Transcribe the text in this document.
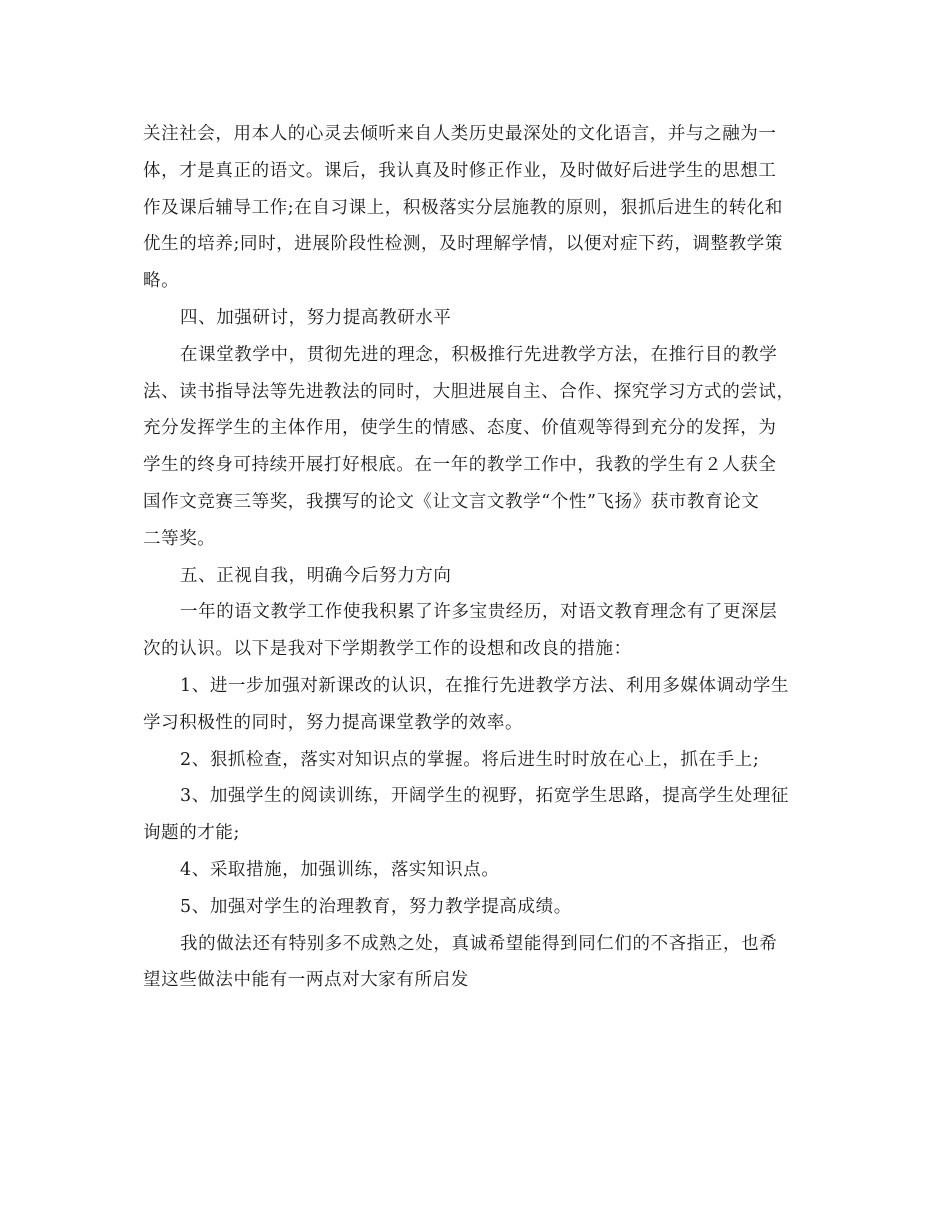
关注社会，用本人的心灵去倾听来自人类历史最深处的文化语言，并与之融为一
体，才是真正的语文。课后，我认真及时修正作业，及时做好后进学生的思想工
作及课后辅导工作;在自习课上，积极落实分层施教的原则，狠抓后进生的转化和
优生的培养;同时，进展阶段性检测，及时理解学情，以便对症下药，调整教学策
略。
四、加强研讨，努力提高教研水平
在课堂教学中，贯彻先进的理念，积极推行先进教学方法，在推行目的教学
法、读书指导法等先进教法的同时，大胆进展自主、合作、探究学习方式的尝试，
充分发挥学生的主体作用，使学生的情感、态度、价值观等得到充分的发挥，为
学生的终身可持续开展打好根底。在一年的教学工作中，我教的学生有２人获全
国作文竞赛三等奖，我撰写的论文《让文言文教学“个性”飞扬》获市教育论文
二等奖。
五、正视自我，明确今后努力方向
一年的语文教学工作使我积累了许多宝贵经历，对语文教育理念有了更深层
次的认识。以下是我对下学期教学工作的设想和改良的措施：
1、进一步加强对新课改的认识，在推行先进教学方法、利用多媒体调动学生
学习积极性的同时，努力提高课堂教学的效率。
2、狠抓检查，落实对知识点的掌握。将后进生时时放在心上，抓在手上;
3、加强学生的阅读训练，开阔学生的视野，拓宽学生思路，提高学生处理征
询题的才能;
4、采取措施，加强训练，落实知识点。
5、加强对学生的治理教育，努力教学提高成绩。
我的做法还有特别多不成熟之处，真诚希望能得到同仁们的不吝指正，也希
望这些做法中能有一两点对大家有所启发
